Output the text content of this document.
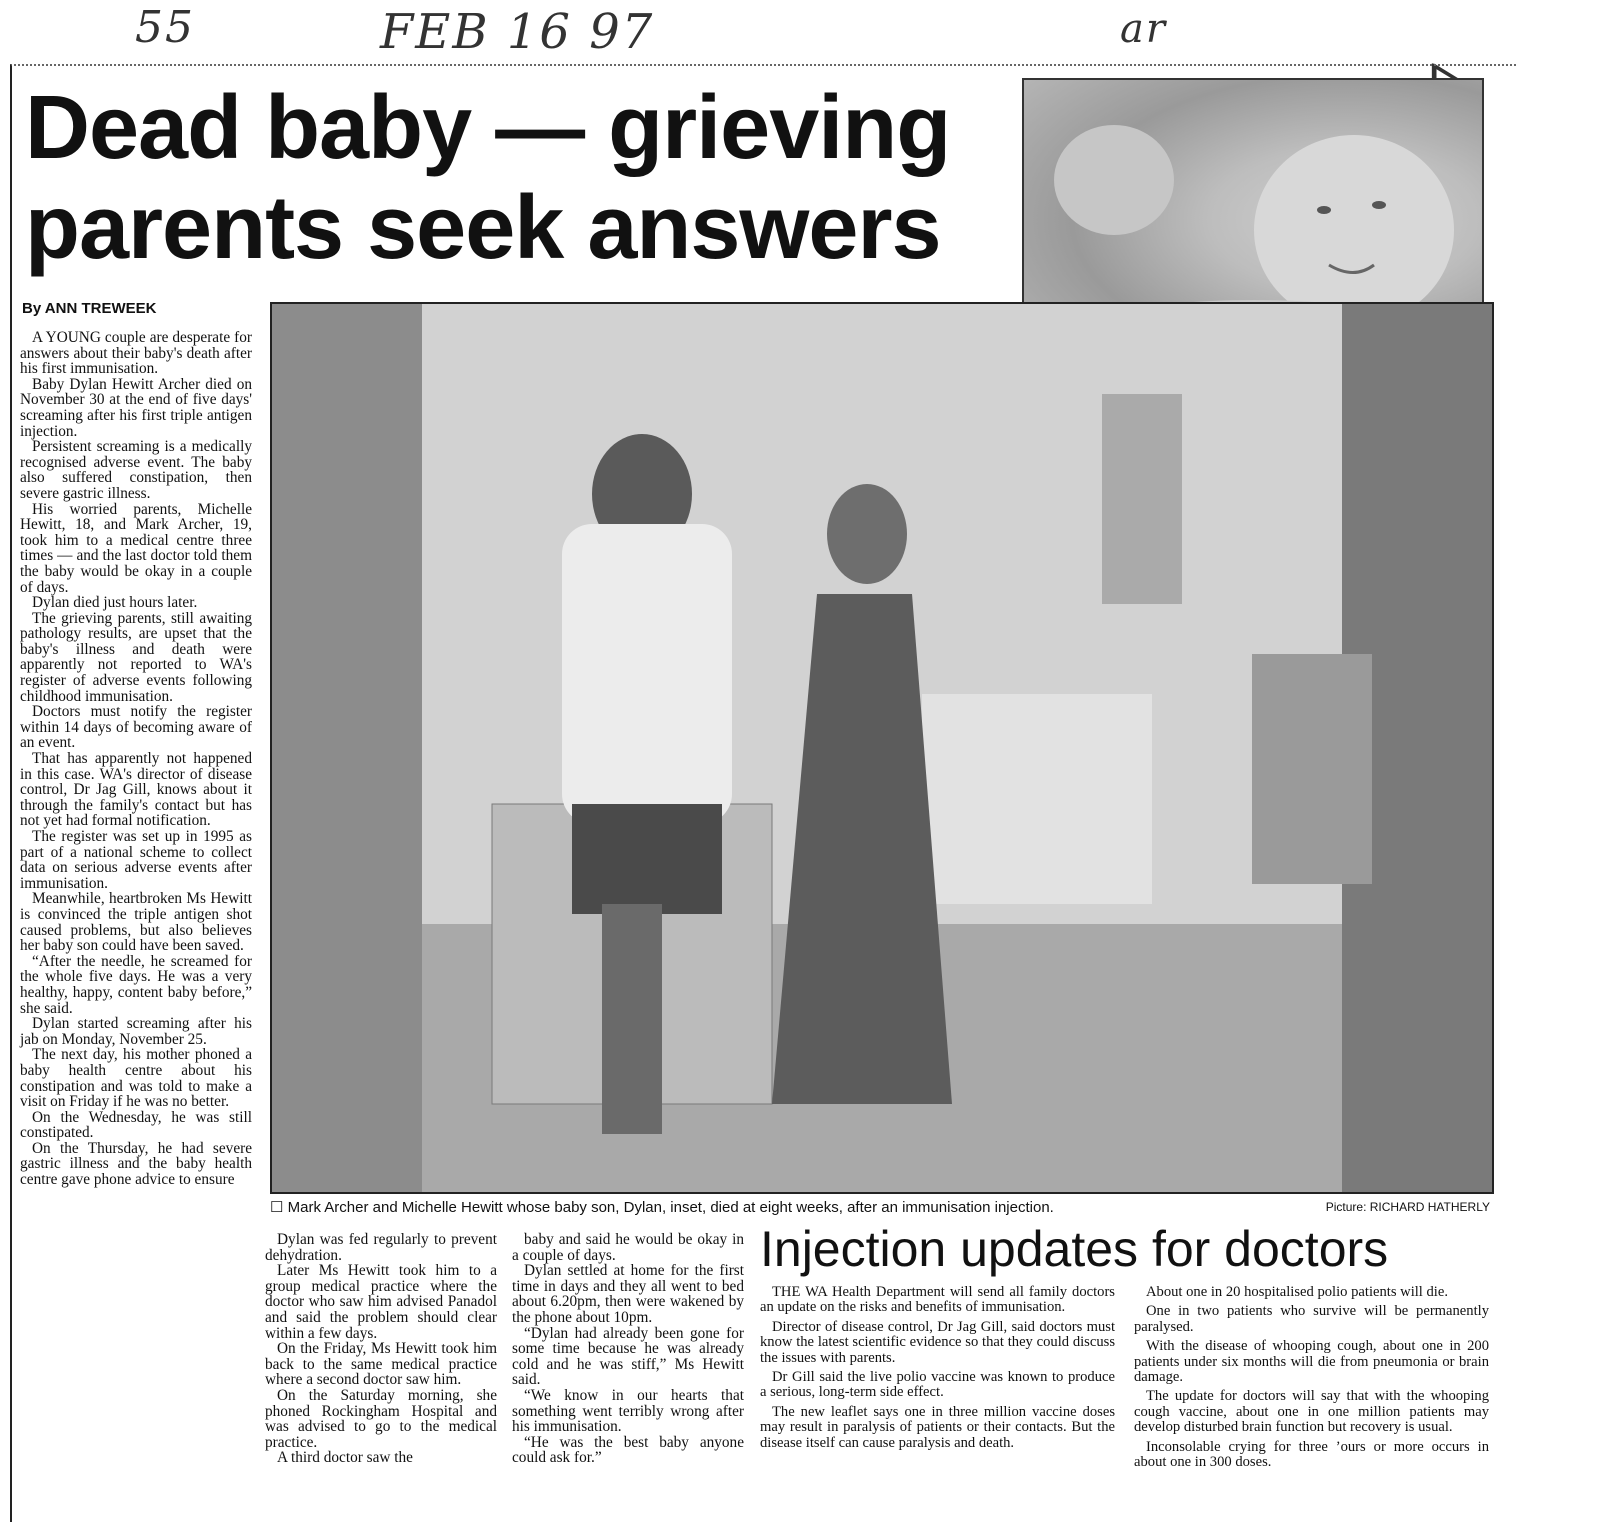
55	FEB 16 97	ar
Dead baby — grieving parents seek answers
By ANN TREWEEK
☐ Mark Archer and Michelle Hewitt whose baby son, Dylan, inset, died at eight weeks, after an immunisation injection.	Picture: RICHARD HATHERLY

A YOUNG couple are desperate for answers about their baby's death after his first immunisation.

Baby Dylan Hewitt Archer died on November 30 at the end of five days' screaming after his first triple antigen injection.

Persistent screaming is a medically recognised adverse event. The baby also suffered constipation, then severe gastric illness.

His worried parents, Michelle Hewitt, 18, and Mark Archer, 19, took him to a medical centre three times — and the last doctor told them the baby would be okay in a couple of days.

Dylan died just hours later.

The grieving parents, still awaiting pathology results, are upset that the baby's illness and death were apparently not reported to WA's register of adverse events following childhood immunisation.

Doctors must notify the register within 14 days of becoming aware of an event.

That has apparently not happened in this case. WA's director of disease control, Dr Jag Gill, knows about it through the family's contact but has not yet had formal notification.

The register was set up in 1995 as part of a national scheme to collect data on serious adverse events after immunisation.

Meanwhile, heartbroken Ms Hewitt is convinced the triple antigen shot caused problems, but also believes her baby son could have been saved.

“After the needle, he screamed for the whole five days. He was a very healthy, happy, content baby before,” she said.

Dylan started screaming after his jab on Monday, November 25.

The next day, his mother phoned a baby health centre about his constipation and was told to make a visit on Friday if he was no better.

On the Wednesday, he was still constipated.

On the Thursday, he had severe gastric illness and the baby health centre gave phone advice to ensure

Dylan was fed regularly to prevent dehydration.

Later Ms Hewitt took him to a group medical practice where the doctor who saw him advised Panadol and said the problem should clear within a few days.

On the Friday, Ms Hewitt took him back to the same medical practice where a second doctor saw him.

On the Saturday morning, she phoned Rockingham Hospital and was advised to go to the medical practice.

A third doctor saw the

baby and said he would be okay in a couple of days.

Dylan settled at home for the first time in days and they all went to bed about 6.20pm, then were wakened by the phone about 10pm.

“Dylan had already been gone for some time because he was already cold and he was stiff,” Ms Hewitt said.

“We know in our hearts that something went terribly wrong after his immunisation.

“He was the best baby anyone could ask for.”

Injection updates for doctors

THE WA Health Department will send all family doctors an update on the risks and benefits of immunisation.

Director of disease control, Dr Jag Gill, said doctors must know the latest scientific evidence so that they could discuss the issues with parents.

Dr Gill said the live polio vaccine was known to produce a serious, long-term side effect.

The new leaflet says one in three million vaccine doses may result in paralysis of patients or their contacts. But the disease itself can cause paralysis and death.

About one in 20 hospitalised polio patients will die.

One in two patients who survive will be permanently paralysed.

With the disease of whooping cough, about one in 200 patients under six months will die from pneumonia or brain damage.

The update for doctors will say that with the whooping cough vaccine, about one in one million patients may develop disturbed brain function but recovery is usual.

Inconsolable crying for three ’ours or more occurs in about one in 300 doses.
